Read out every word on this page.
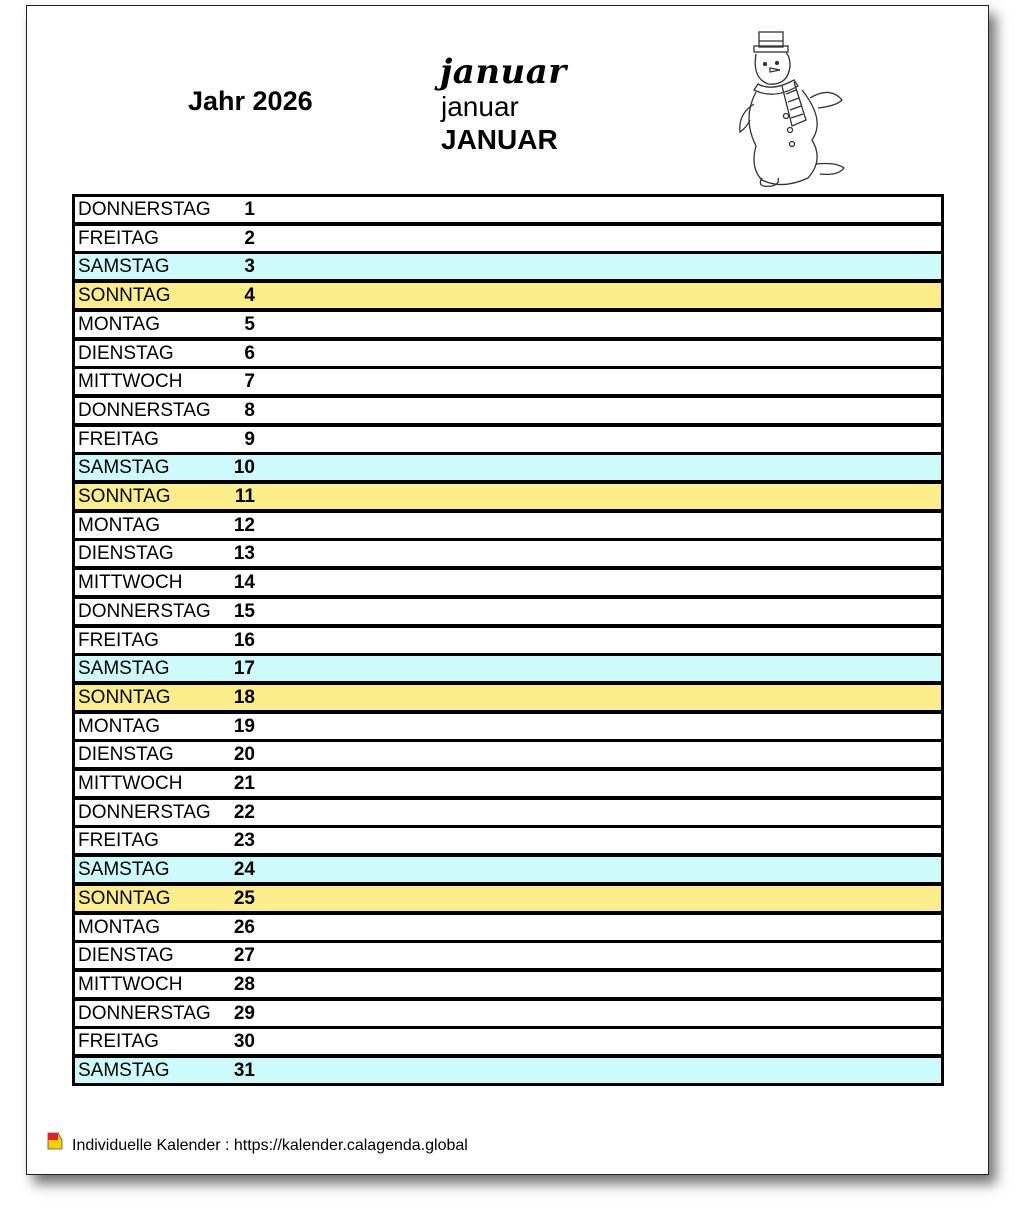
Jahr 2026
januar
januar
JANUAR
DONNERSTAG	1
FREITAG	2
SAMSTAG	3
SONNTAG	4
MONTAG	5
DIENSTAG	6
MITTWOCH	7
DONNERSTAG	8
FREITAG	9
SAMSTAG	10
SONNTAG	11
MONTAG	12
DIENSTAG	13
MITTWOCH	14
DONNERSTAG	15
FREITAG	16
SAMSTAG	17
SONNTAG	18
MONTAG	19
DIENSTAG	20
MITTWOCH	21
DONNERSTAG	22
FREITAG	23
SAMSTAG	24
SONNTAG	25
MONTAG	26
DIENSTAG	27
MITTWOCH	28
DONNERSTAG	29
FREITAG	30
SAMSTAG	31
Individuelle Kalender : https://kalender.calagenda.global
